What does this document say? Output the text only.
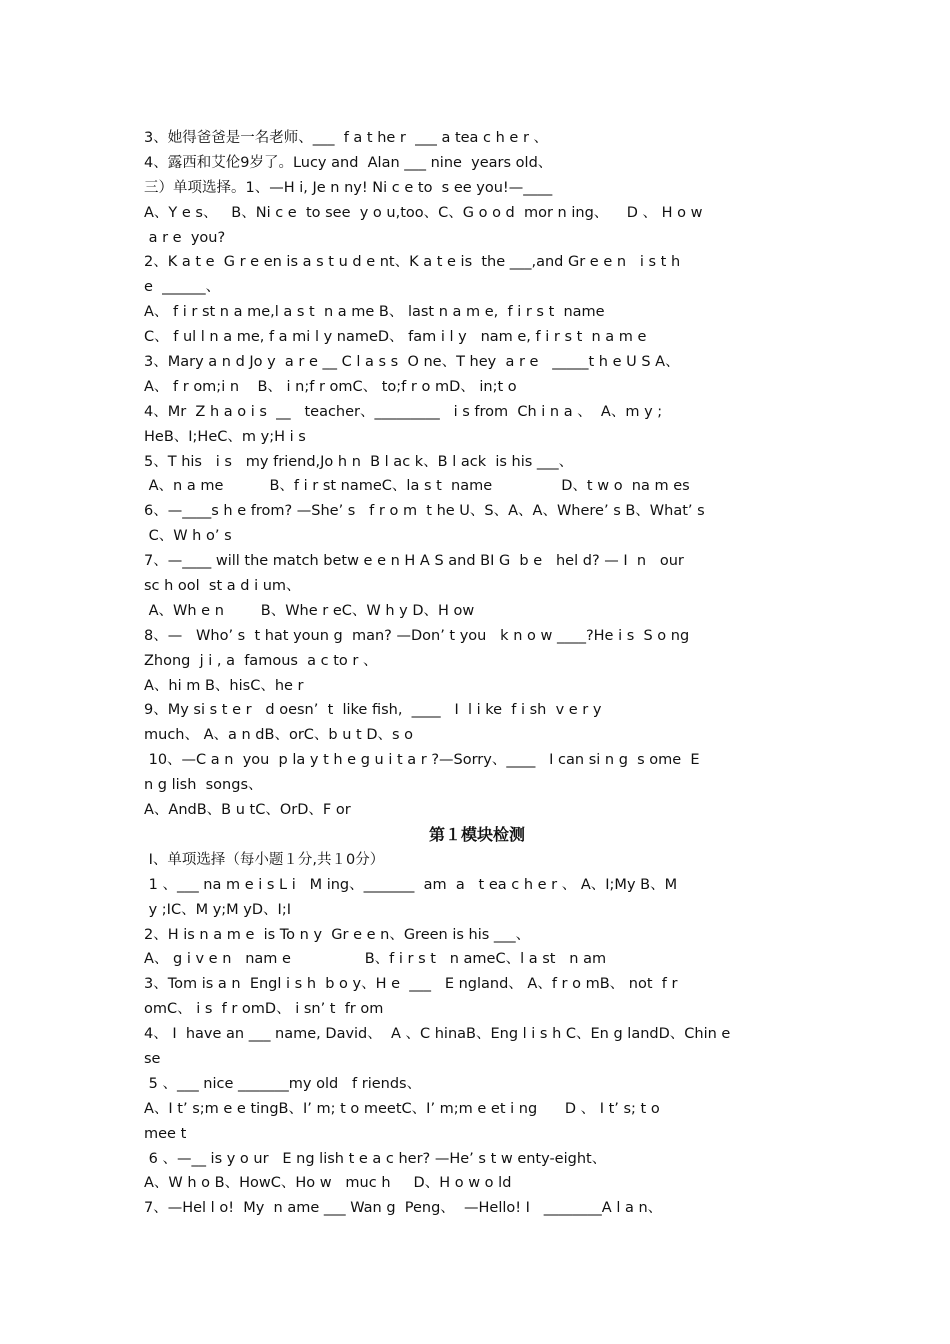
3、她得爸爸是一名老师、___  f a t he r  ___ a tea c h e r 、
4、露西和艾伦9岁了。Lucy and  Alan ___ nine  years old、
三）单项选择。1、—H i, Je n ny! Ni c e to  s ee you!—____
A、Y e s、   B、Ni c e  to see  y o u,too、C、G o o d  mor n ing、    D 、 H o w
a r e  you?
2、K a t e  G r e en is a s t u d e nt、K a t e is  the ___,and Gr e e n   i s t h
e  ______、
A、 f i r st n a me,l a s t  n a me B、 last n a m e,  f i r s t  name
C、 f ul l n a me, f a mi l y nameD、 fam i l y   nam e, f i r s t  n a m e
3、Mary a n d Jo y  a r e __ C l a s s  O ne、T hey  a r e   _____t h e U S A、
A、 f r om;i n    B、 i n;f r omC、 to;f r o mD、 in;t o
4、Mr  Z h a o i s  __   teacher、_________   i s from  Ch i n a 、  A、m y ;
HeB、I;HeC、m y;H i s
5、T his   i s   my friend,Jo h n  B l ac k、B l ack  is his ___、
A、n a me          B、f i r st nameC、la s t  name               D、t w o  na m es
6、—____s h e from? —She’ s   f r o m  t he U、S、A、A、Where’ s B、What’ s
C、W h o’ s
7、—____ will the match betw e e n H A S and BI G  b e   hel d? — I  n   our
sc h ool  st a d i um、
A、Wh e n        B、Whe r eC、W h y D、H ow
8、—   Who’ s  t hat youn g  man? —Don’ t you   k n o w ____?He i s  S o ng
Zhong  j i , a  famous  a c to r 、
A、hi m B、hisC、he r
9、My si s t e r   d oesn’  t  like fish,  ____   I  l i ke  f i sh  v e r y
much、 A、a n dB、orC、b u t D、s o
10、—C a n  you  p la y t h e g u i t a r ?—Sorry、____   I can si n g  s ome  E
n g lish  songs、
A、AndB、B u tC、OrD、F or
第１模块检测
Ⅰ、单项选择（每小题１分,共１0分）
1 、___ na m e i s L i   M ing、_______  am  a   t ea c h e r 、 A、I;My B、M
y ;IC、M y;M yD、I;I
2、H is n a m e  is To n y  Gr e e n、Green is his ___、
A、 g i v e n   nam e                B、f i r s t   n ameC、l a st   n am
3、Tom is a n  Engl i s h  b o y、H e  ___   E ngland、 A、f r o mB、 not  f r
omC、 i s  f r omD、 i sn’ t  fr om
4、 I  have an ___ name, David、  A 、C hinaB、Eng l i s h C、En g landD、Chin e
se
5 、___ nice _______my old   f riends、
A、I t’ s;m e e tingB、I’ m; t o meetC、I’ m;m e et i ng      D 、 I t’ s; t o
mee t
6 、—__ is y o ur   E ng lish t e a c her? —He’ s t w enty-eight、
A、W h o B、HowC、Ho w   muc h     D、H o w o ld
7、—Hel l o!  My  n ame ___ Wan g  Peng、  —Hello! I   ________A l a n、
